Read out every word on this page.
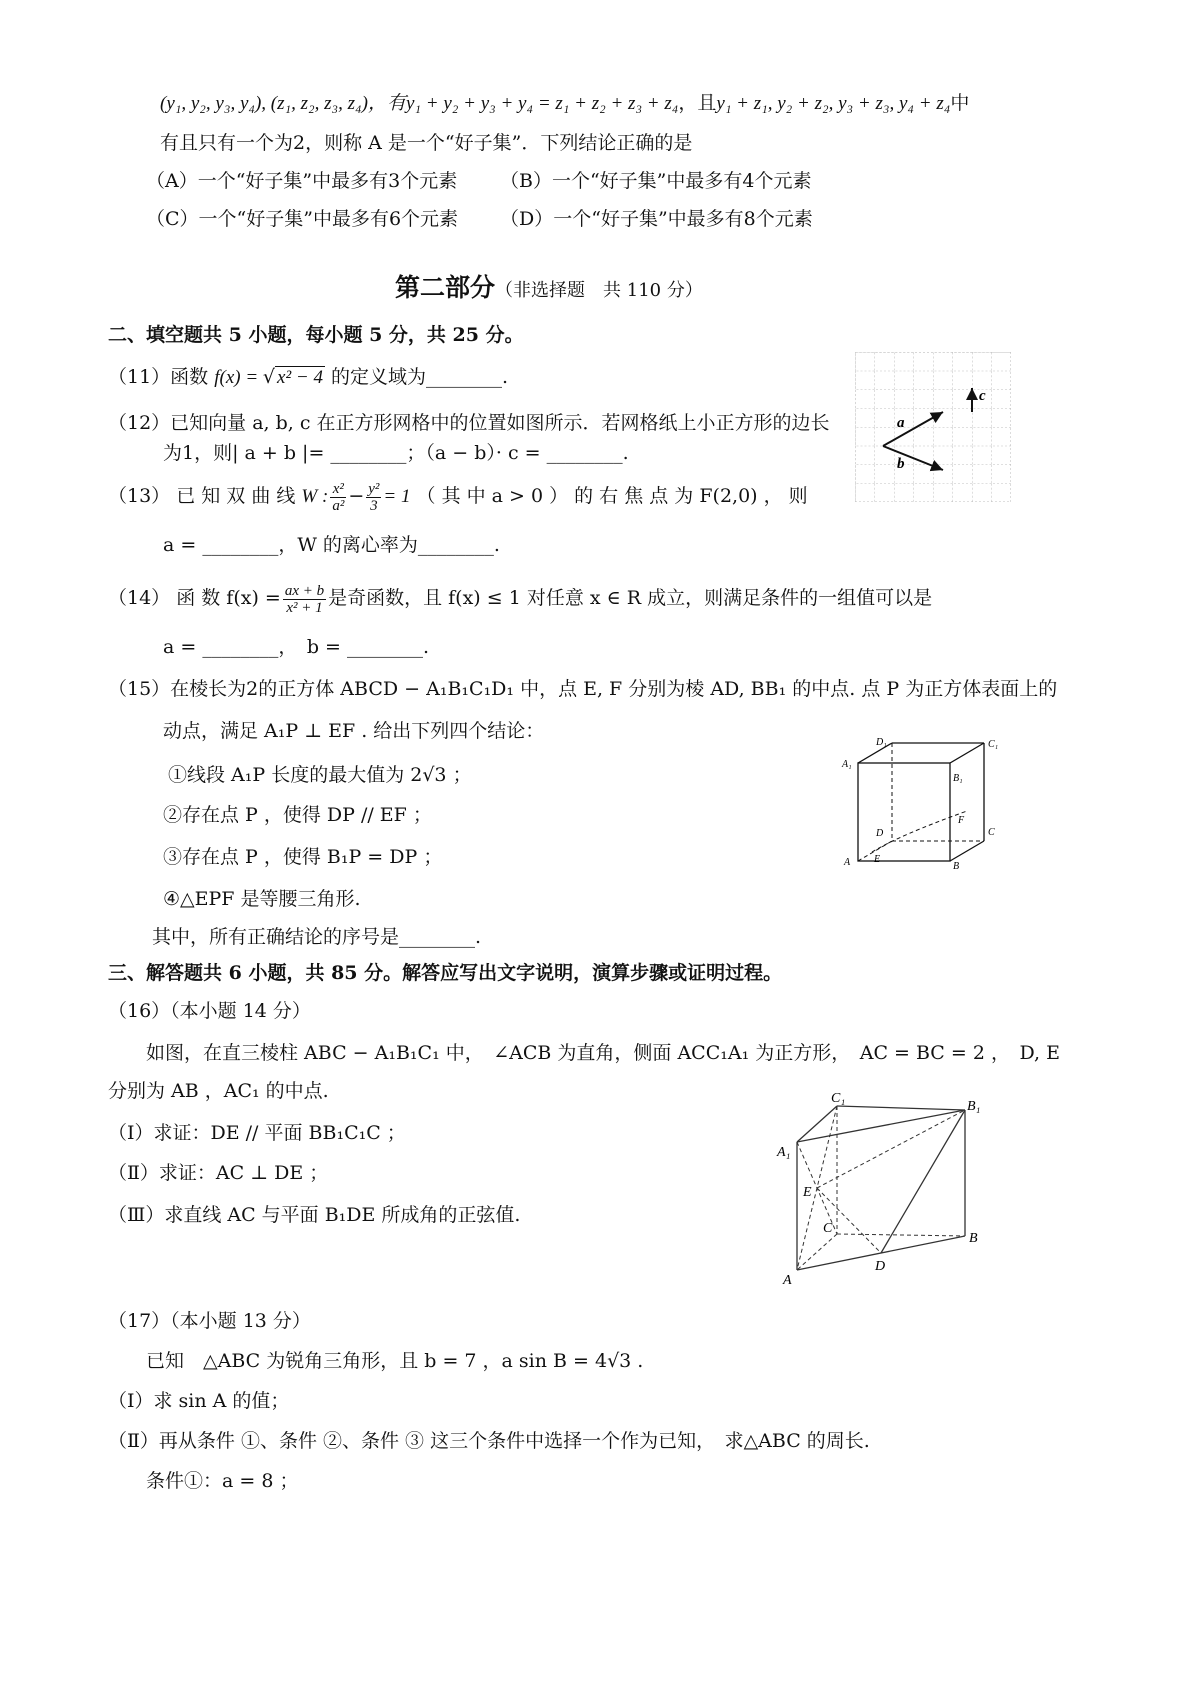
(y₁, y₂, y₃, y₄), (z₁, z₂, z₃, z₄)，有y₁ + y₂ + y₃ + y₄ = z₁ + z₂ + z₃ + z₄，且y₁ + z₁, y₂ + z₂, y₃ + z₃, y₄ + z₄中
有且只有一个为2，则称 A 是一个“好子集”．下列结论正确的是
（A）一个“好子集”中最多有3个元素 （B）一个“好子集”中最多有4个元素
（C）一个“好子集”中最多有6个元素 （D）一个“好子集”中最多有8个元素
第二部分（非选择题　共 110 分）
二、填空题共 5 小题，每小题 5 分，共 25 分。
（11）函数 f(x) = √ x² − 4 的定义域为________.
（12）已知向量 a, b, c 在正方形网格中的位置如图所示．若网格纸上小正方形的边长
为1，则| a + b |= ________；（a − b）· c = ________.
（13） 已 知 双 曲 线 W : $\frac{\text{x²}}{\text{a²}} - \frac{\text{y²}}{3} = 1$ （ 其 中 a > 0 ） 的 右 焦 点 为 F(2,0) ， 则
a = ________，W 的离心率为________.
（14） 函 数 $f(x) = \frac{ax + b}{\text{x² + 1}}$ 是奇函数，且 f(x) ≤ 1 对任意 x ∈ R 成立，则满足条件的一组值可以是
a = ________，　b = ________.
（15）在棱长为2的正方体 ABCD − A₁B₁C₁D₁ 中，点 E, F 分别为棱 AD, BB₁ 的中点. 点 P 为正方体表面上的
动点，满足 A₁P ⊥ EF . 给出下列四个结论：
①线段 A₁P 长度的最大值为 2√3 ；
②存在点 P ，使得 DP // EF ；
③存在点 P ，使得 B₁P = DP ；
④△EPF 是等腰三角形.
其中，所有正确结论的序号是________.
三、解答题共 6 小题，共 85 分。解答应写出文字说明，演算步骤或证明过程。
（16）（本小题 14 分）
如图，在直三棱柱 ABC − A₁B₁C₁ 中，　∠ACB 为直角，侧面 ACC₁A₁ 为正方形，　AC = BC = 2 ，　D, E
分别为 AB ，AC₁ 的中点.
（Ⅰ）求证：DE // 平面 BB₁C₁C ；
（Ⅱ）求证：AC ⊥ DE ；
（Ⅲ）求直线 AC 与平面 B₁DE 所成角的正弦值.
（17）（本小题 13 分）
已知　△ABC 为锐角三角形，且 b = 7 ，a sin B = 4√3 .
（Ⅰ）求 sin A 的值；
（Ⅱ）再从条件 ①、条件 ②、条件 ③ 这三个条件中选择一个作为已知，　求△ABC 的周长.
条件①：a = 8 ；
a
b
c
D₁	C₁
A₁
B₁
F
D	C
E
A	B
C₁
B₁
A₁
E
C
B
D
A
